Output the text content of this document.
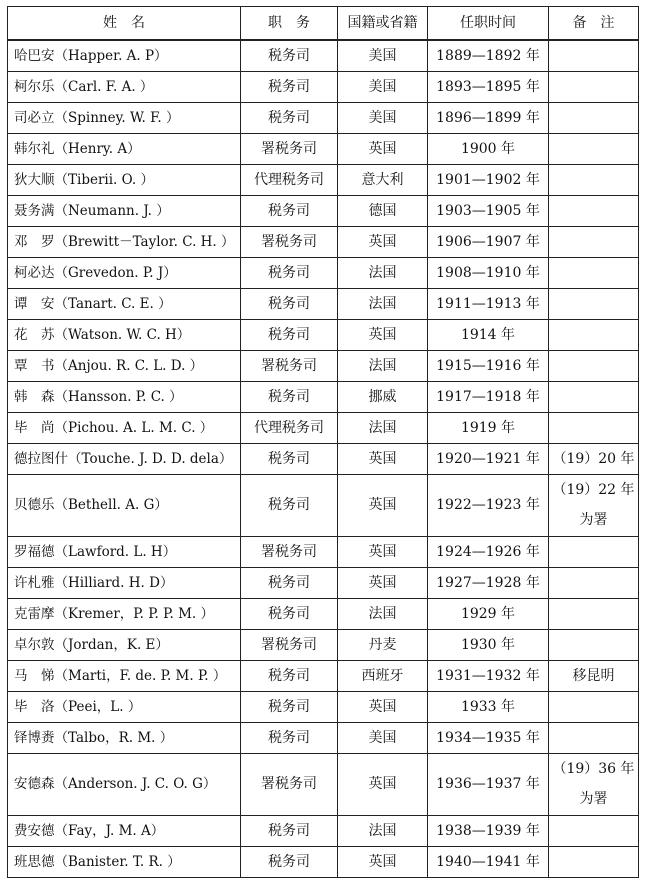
姓　名	职　务	国籍或省籍	任职时间	备　注
哈巴安（Happer. A. P）	税务司	美国	1889—1892 年	
柯尔乐（Carl. F. A. ）	税务司	美国	1893—1895 年	
司必立（Spinney. W. F. ）	税务司	美国	1896—1899 年	
韩尔礼（Henry. A）	署税务司	英国	1900 年	
狄大顺（Tiberii. O. ）	代理税务司	意大利	1901—1902 年	
聂务满（Neumann. J. ）	税务司	德国	1903—1905 年	
邓　罗（Brewitt－Taylor. C. H. ）	署税务司	英国	1906—1907 年	
柯必达（Grevedon. P. J）	税务司	法国	1908—1910 年	
谭　安（Tanart. C. E. ）	税务司	法国	1911—1913 年	
花　苏（Watson. W. C. H）	税务司	英国	1914 年	
覃　书（Anjou. R. C. L. D. ）	署税务司	法国	1915—1916 年	
韩　森（Hansson. P. C. ）	税务司	挪威	1917—1918 年	
毕　尚（Pichou. A. L. M. C. ）	代理税务司	法国	1919 年	
德拉图什（Touche. J. D. D. dela）	税务司	英国	1920—1921 年	（19）20 年
贝德乐（Bethell. A. G）	税务司	英国	1922—1923 年	（19）22 年为署
罗福德（Lawford. L. H）	署税务司	英国	1924—1926 年	
许札雅（Hilliard. H. D）	税务司	英国	1927—1928 年	
克雷摩（Kremer，P. P. P. M. ）	税务司	法国	1929 年	
卓尔敦（Jordan，K. E）	署税务司	丹麦	1930 年	
马　悌（Marti，F. de. P. M. P. ）	税务司	西班牙	1931—1932 年	移昆明
毕　洛（Peei，L. ）	税务司	英国	1933 年	
铎博赉（Talbo，R. M. ）	税务司	美国	1934—1935 年	
安德森（Anderson. J. C. O. G）	署税务司	英国	1936—1937 年	（19）36 年为署
费安德（Fay，J. M. A）	税务司	法国	1938—1939 年	
班思德（Banister. T. R. ）	税务司	英国	1940—1941 年	
